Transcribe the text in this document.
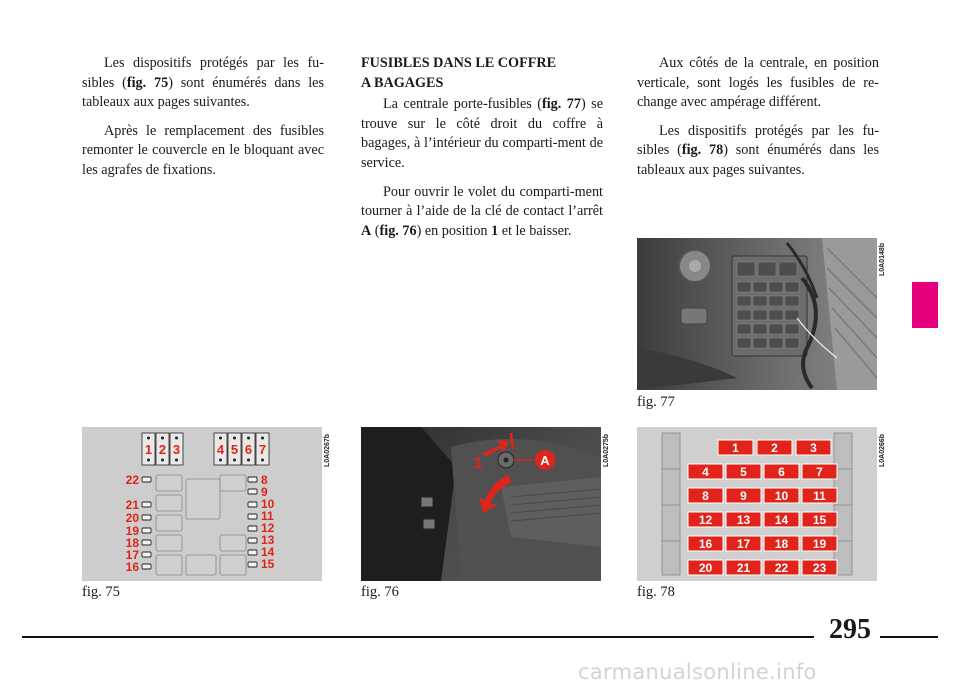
Les dispositifs protégés par les fu-sibles (fig. 75) sont énumérés dans les tableaux aux pages suivantes.

Après le remplacement des fusibles remonter le couvercle en le bloquant avec les agrafes de fixations.

FUSIBLES DANS LE COFFRE
A BAGAGES

La centrale porte-fusibles (fig. 77) se trouve sur le côté droit du coffre à bagages, à l’intérieur du comparti-ment de service.

Pour ouvrir le volet du comparti-ment tourner à l’aide de la clé de contact l’arrêt A (fig. 76) en position 1 et le baisser.

Aux côtés de la centrale, en position verticale, sont logés les fusibles de re-change avec ampérage différent.

Les dispositifs protégés par les fu-sibles (fig. 78) sont énumérés dans les tableaux aux pages suivantes.

1 2 3	4 5 6 7
22
21
20
19
18
17
16
8
9
10
11
12
13
14
15
L0A0267b
fig. 75
A
1	L0A0275b
fig. 76
L0A0148b
fig. 77
1	2	3
4	5	6	7
8	9 10 11
12 13 14 15
16 17 18 19
20 21 22 23
L0A0266b
fig. 78
295
carmanualsonline.info
